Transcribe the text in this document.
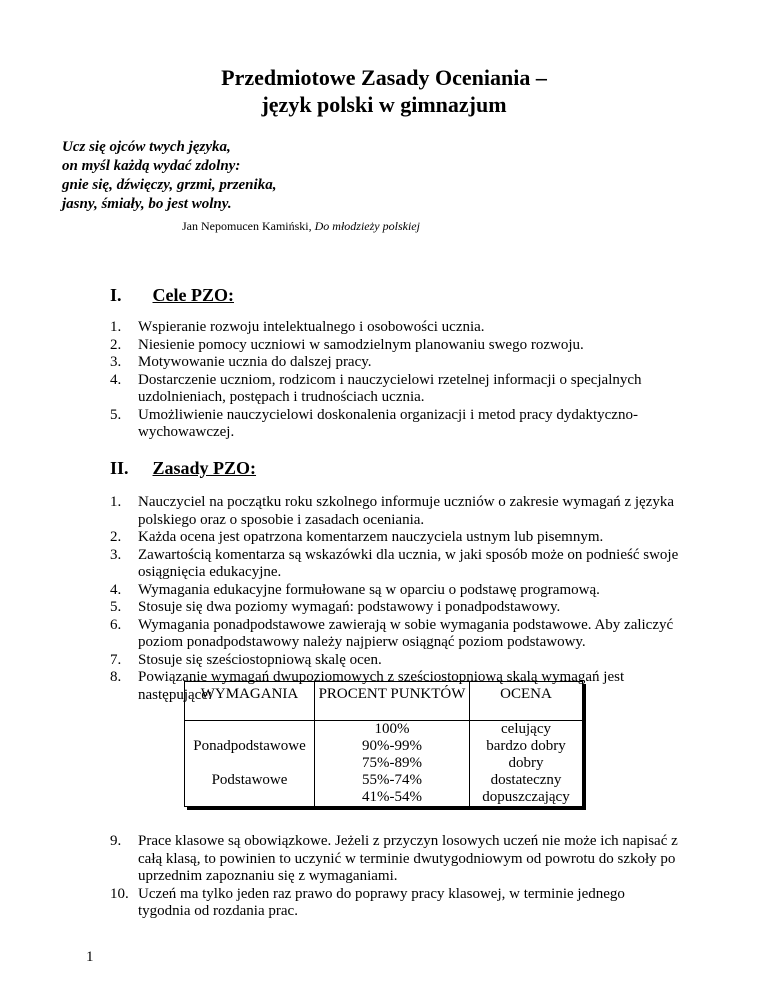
Przedmiotowe Zasady Oceniania –
język polski w gimnazjum
Ucz się ojców twych języka,
on myśl każdą wydać zdolny:
gnie się, dźwięczy, grzmi, przenika,
jasny, śmiały, bo jest wolny.
Jan Nepomucen Kamiński, Do młodzieży polskiej
I. Cele PZO:
1. Wspieranie rozwoju intelektualnego i osobowości ucznia.
2. Niesienie pomocy uczniowi w samodzielnym planowaniu swego rozwoju.
3. Motywowanie ucznia do dalszej pracy.
4. Dostarczenie uczniom, rodzicom i nauczycielowi rzetelnej informacji o specjalnych uzdolnieniach, postępach i trudnościach ucznia.
5. Umożliwienie nauczycielowi doskonalenia organizacji i metod pracy dydaktyczno-wychowawczej.
II. Zasady PZO:
1. Nauczyciel na początku roku szkolnego informuje uczniów o zakresie wymagań z języka polskiego oraz o sposobie i zasadach oceniania.
2. Każda ocena jest opatrzona komentarzem nauczyciela ustnym lub pisemnym.
3. Zawartością komentarza są wskazówki dla ucznia, w jaki sposób może on podnieść swoje osiągnięcia edukacyjne.
4. Wymagania edukacyjne formułowane są w oparciu o podstawę programową.
5. Stosuje się dwa poziomy wymagań: podstawowy i ponadpodstawowy.
6. Wymagania ponadpodstawowe zawierają w sobie wymagania podstawowe. Aby zaliczyć poziom ponadpodstawowy należy najpierw osiągnąć poziom podstawowy.
7. Stosuje się sześciostopniową skalę ocen.
8. Powiązanie wymagań dwupoziomowych z sześciostopniową skalą wymagań jest następujące:
WYMAGANIA	PROCENT PUNKTÓW	OCENA
Ponadpodstawowe	100%	celujący
	90%-99%	bardzo dobry
	75%-89%	dobry
Podstawowe	55%-74%	dostateczny
	41%-54%	dopuszczający
9. Prace klasowe są obowiązkowe. Jeżeli z przyczyn losowych uczeń nie może ich napisać z całą klasą, to powinien to uczynić w terminie dwutygodniowym od powrotu do szkoły po uprzednim zapoznaniu się z wymaganiami.
10. Uczeń ma tylko jeden raz prawo do poprawy pracy klasowej, w terminie jednego tygodnia od rozdania prac.
1
